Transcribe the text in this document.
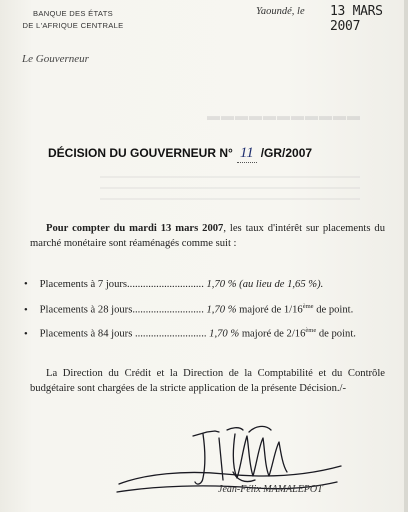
BANQUE DES ÉTATS
DE L'AFRIQUE CENTRALE
Le Gouverneur
Yaoundé, le 13 MARS 2007
▬▬▬▬▬▬▬▬▬▬▬
DÉCISION DU GOUVERNEUR N° 11 /GR/2007
Pour compter du mardi 13 mars 2007, les taux d'intérêt sur placements du marché monétaire sont réaménagés comme suit :
• Placements à 7 jours............................. 1,70 % (au lieu de 1,65 %).
• Placements à 28 jours........................... 1,70 % majoré de 1/16ème de point.
• Placements à 84 jours ........................... 1,70 % majoré de 2/16ème de point.
La Direction du Crédit et la Direction de la Comptabilité et du Contrôle budgétaire sont chargées de la stricte application de la présente Décision./-
Jean-Félix MAMALEPOT
